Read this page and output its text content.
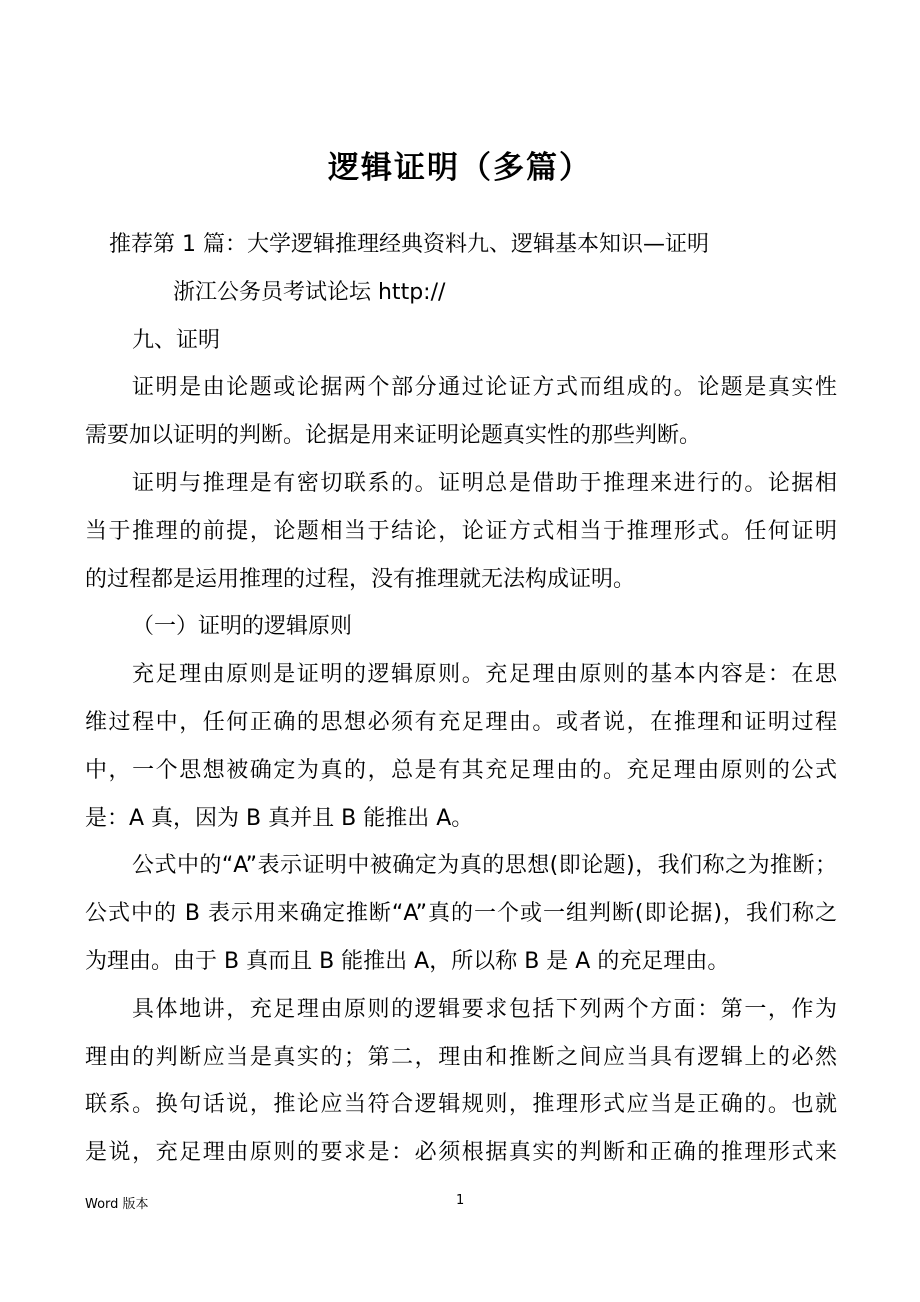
逻辑证明（多篇）
推荐第 1 篇：大学逻辑推理经典资料九、逻辑基本知识—证明
浙江公务员考试论坛 http://
九、证明
证明是由论题或论据两个部分通过论证方式而组成的。论题是真实性
需要加以证明的判断。论据是用来证明论题真实性的那些判断。
证明与推理是有密切联系的。证明总是借助于推理来进行的。论据相
当于推理的前提，论题相当于结论，论证方式相当于推理形式。任何证明
的过程都是运用推理的过程，没有推理就无法构成证明。
（一）证明的逻辑原则
充足理由原则是证明的逻辑原则。充足理由原则的基本内容是：在思
维过程中，任何正确的思想必须有充足理由。或者说，在推理和证明过程
中，一个思想被确定为真的，总是有其充足理由的。充足理由原则的公式
是：A 真，因为 B 真并且 B 能推出 A。
公式中的“A”表示证明中被确定为真的思想(即论题)，我们称之为推断；
公式中的 B 表示用来确定推断“A”真的一个或一组判断(即论据)，我们称之
为理由。由于 B 真而且 B 能推出 A，所以称 B 是 A 的充足理由。
具体地讲，充足理由原则的逻辑要求包括下列两个方面：第一，作为
理由的判断应当是真实的；第二，理由和推断之间应当具有逻辑上的必然
联系。换句话说，推论应当符合逻辑规则，推理形式应当是正确的。也就
是说，充足理由原则的要求是：必须根据真实的判断和正确的推理形式来
Word 版本	1
